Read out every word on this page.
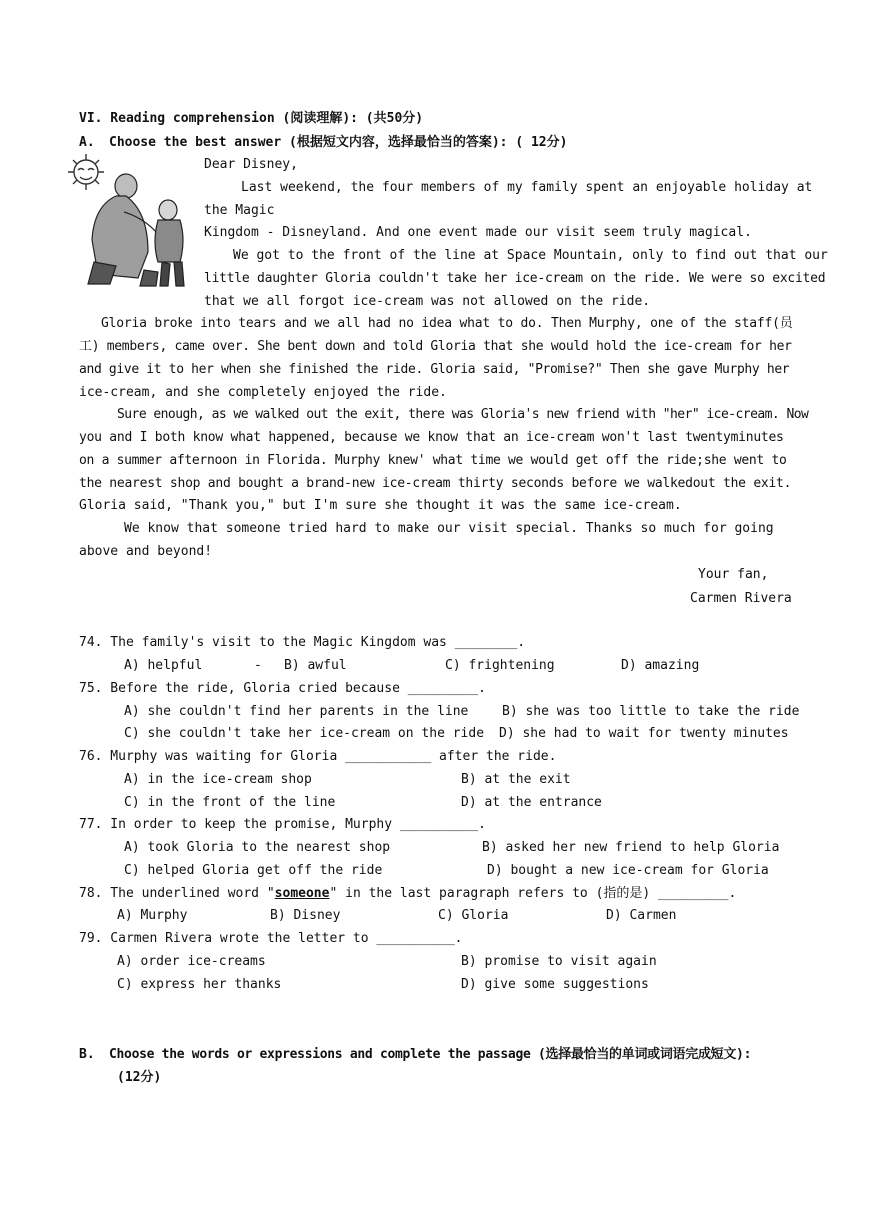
VI. Reading comprehension (阅读理解): (共50分)
A. Choose the best answer (根据短文内容，选择最恰当的答案): ( 12分)
Dear Disney,
Last weekend, the four members of my family spent an enjoyable holiday at
the Magic
Kingdom - Disneyland. And one event made our visit seem truly magical.
We got to the front of the line at Space Mountain, only to find out that our
little daughter Gloria couldn't take her ice-cream on the ride. We were so excited
that we all forgot ice-cream was not allowed on the ride.
Gloria broke into tears and we all had no idea what to do. Then Murphy, one of the staff(员
工) members, came over. She bent down and told Gloria that she would hold the ice-cream for her
and give it to her when she finished the ride. Gloria said, "Promise?" Then she gave Murphy her
ice-cream, and she completely enjoyed the ride.
Sure enough, as we walked out the exit, there was Gloria's new friend with "her" ice-cream. Now
you and I both know what happened, because we know that an ice-cream won't last twentyminutes
on a summer afternoon in Florida. Murphy knew' what time we would get off the ride;she went to
the nearest shop and bought a brand-new ice-cream thirty seconds before we walkedout the exit.
Gloria said, "Thank you," but I'm sure she thought it was the same ice-cream.
We know that someone tried hard to make our visit special. Thanks so much for going
above and beyond!
Your fan,
Carmen Rivera
74. The family's visit to the Magic Kingdom was ________.
A) helpful	- B) awful	C) frightening	D) amazing
75. Before the ride, Gloria cried because _________.
A) she couldn't find her parents in the line	B) she was too little to take the ride
C) she couldn't take her ice-cream on the ride D) she had to wait for twenty minutes
76. Murphy was waiting for Gloria ___________ after the ride.
A) in the ice-cream shop	B) at the exit
C) in the front of the line	D) at the entrance
77. In order to keep the promise, Murphy __________.
A) took Gloria to the nearest shop	B) asked her new friend to help Gloria
C) helped Gloria get off the ride	D) bought a new ice-cream for Gloria
78. The underlined word "someone" in the last paragraph refers to (指的是) _________.
A) Murphy	B) Disney	C) Gloria	D) Carmen
79. Carmen Rivera wrote the letter to __________.
A) order ice-creams	B) promise to visit again
C) express her thanks	D) give some suggestions
B. Choose the words or expressions and complete the passage (选择最恰当的单词或词语完成短文):
(12分)
